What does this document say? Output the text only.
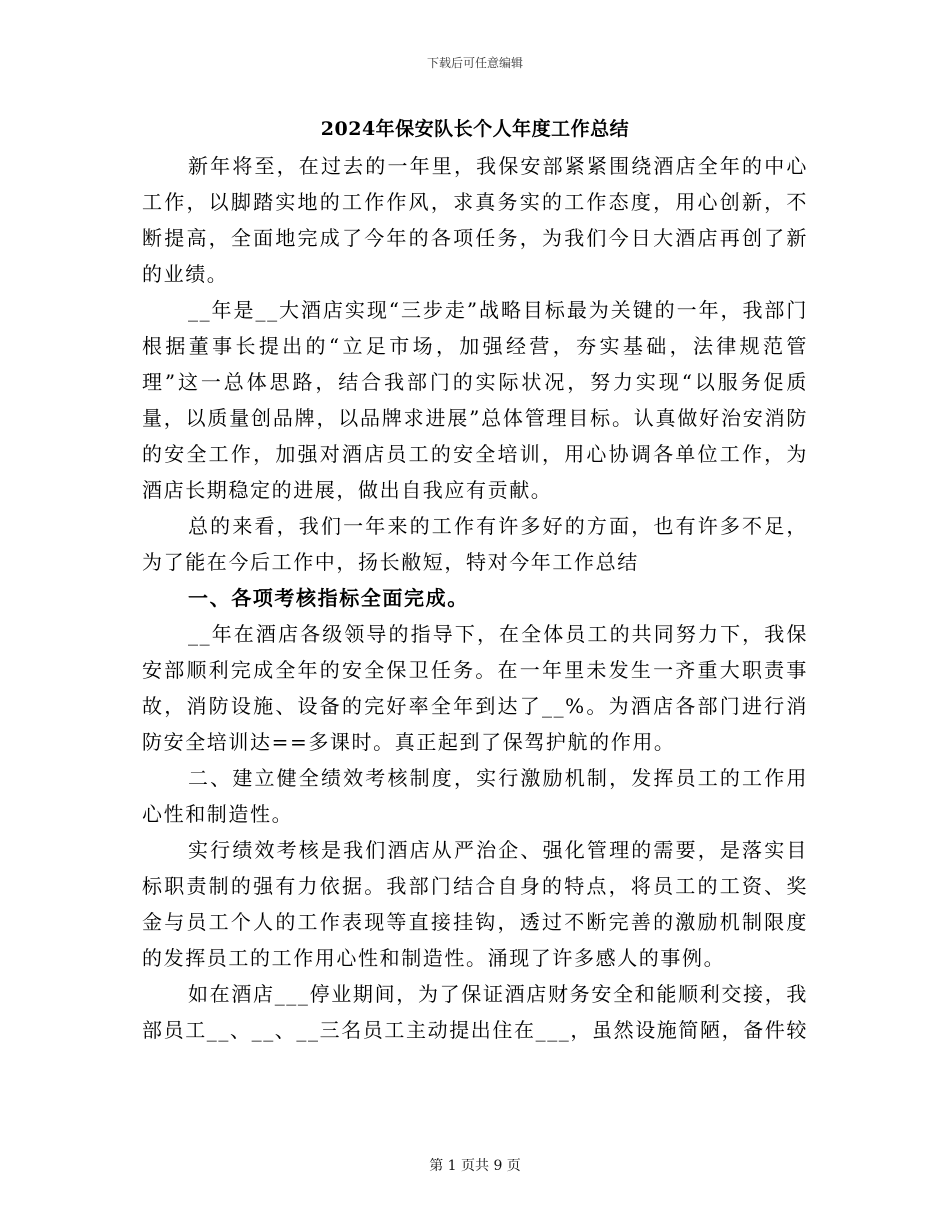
下载后可任意编辑
2024年保安队长个人年度工作总结

新年将至，在过去的一年里，我保安部紧紧围绕酒店全年的中心工作，以脚踏实地的工作作风，求真务实的工作态度，用心创新，不断提高，全面地完成了今年的各项任务，为我们今日大酒店再创了新的业绩。

__年是__大酒店实现“三步走”战略目标最为关键的一年，我部门根据董事长提出的“立足市场，加强经营，夯实基础，法律规范管理”这一总体思路，结合我部门的实际状况，努力实现“以服务促质量，以质量创品牌，以品牌求进展”总体管理目标。认真做好治安消防的安全工作，加强对酒店员工的安全培训，用心协调各单位工作，为酒店长期稳定的进展，做出自我应有贡献。

总的来看，我们一年来的工作有许多好的方面，也有许多不足，为了能在今后工作中，扬长敝短，特对今年工作总结

一、各项考核指标全面完成。

__年在酒店各级领导的指导下，在全体员工的共同努力下，我保安部顺利完成全年的安全保卫任务。在一年里未发生一齐重大职责事故，消防设施、设备的完好率全年到达了__%。为酒店各部门进行消防安全培训达==多课时。真正起到了保驾护航的作用。

二、建立健全绩效考核制度，实行激励机制，发挥员工的工作用心性和制造性。

实行绩效考核是我们酒店从严治企、强化管理的需要，是落实目标职责制的强有力依据。我部门结合自身的特点，将员工的工资、奖金与员工个人的工作表现等直接挂钩，透过不断完善的激励机制限度的发挥员工的工作用心性和制造性。涌现了许多感人的事例。

如在酒店___停业期间，为了保证酒店财务安全和能顺利交接，我部员工__、__、__三名员工主动提出住在___，虽然设施简陋，备件较

第 1 页共 9 页
